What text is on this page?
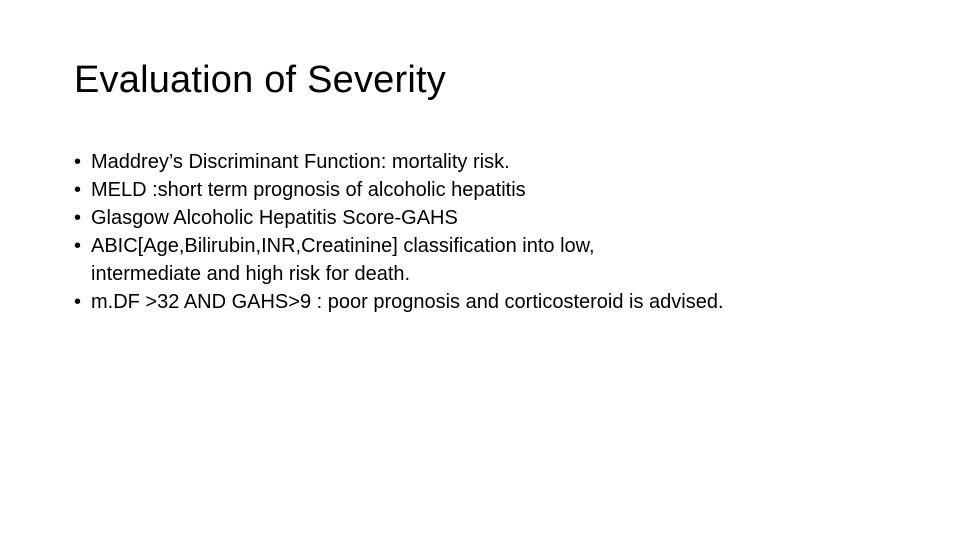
Evaluation of Severity
• Maddrey’s Discriminant Function: mortality risk.
• MELD :short term prognosis of alcoholic hepatitis
• Glasgow Alcoholic Hepatitis Score-GAHS
• ABIC[Age,Bilirubin,INR,Creatinine] classification into low,
intermediate and high risk for death.
• m.DF >32 AND GAHS>9 : poor prognosis and corticosteroid is advised.
